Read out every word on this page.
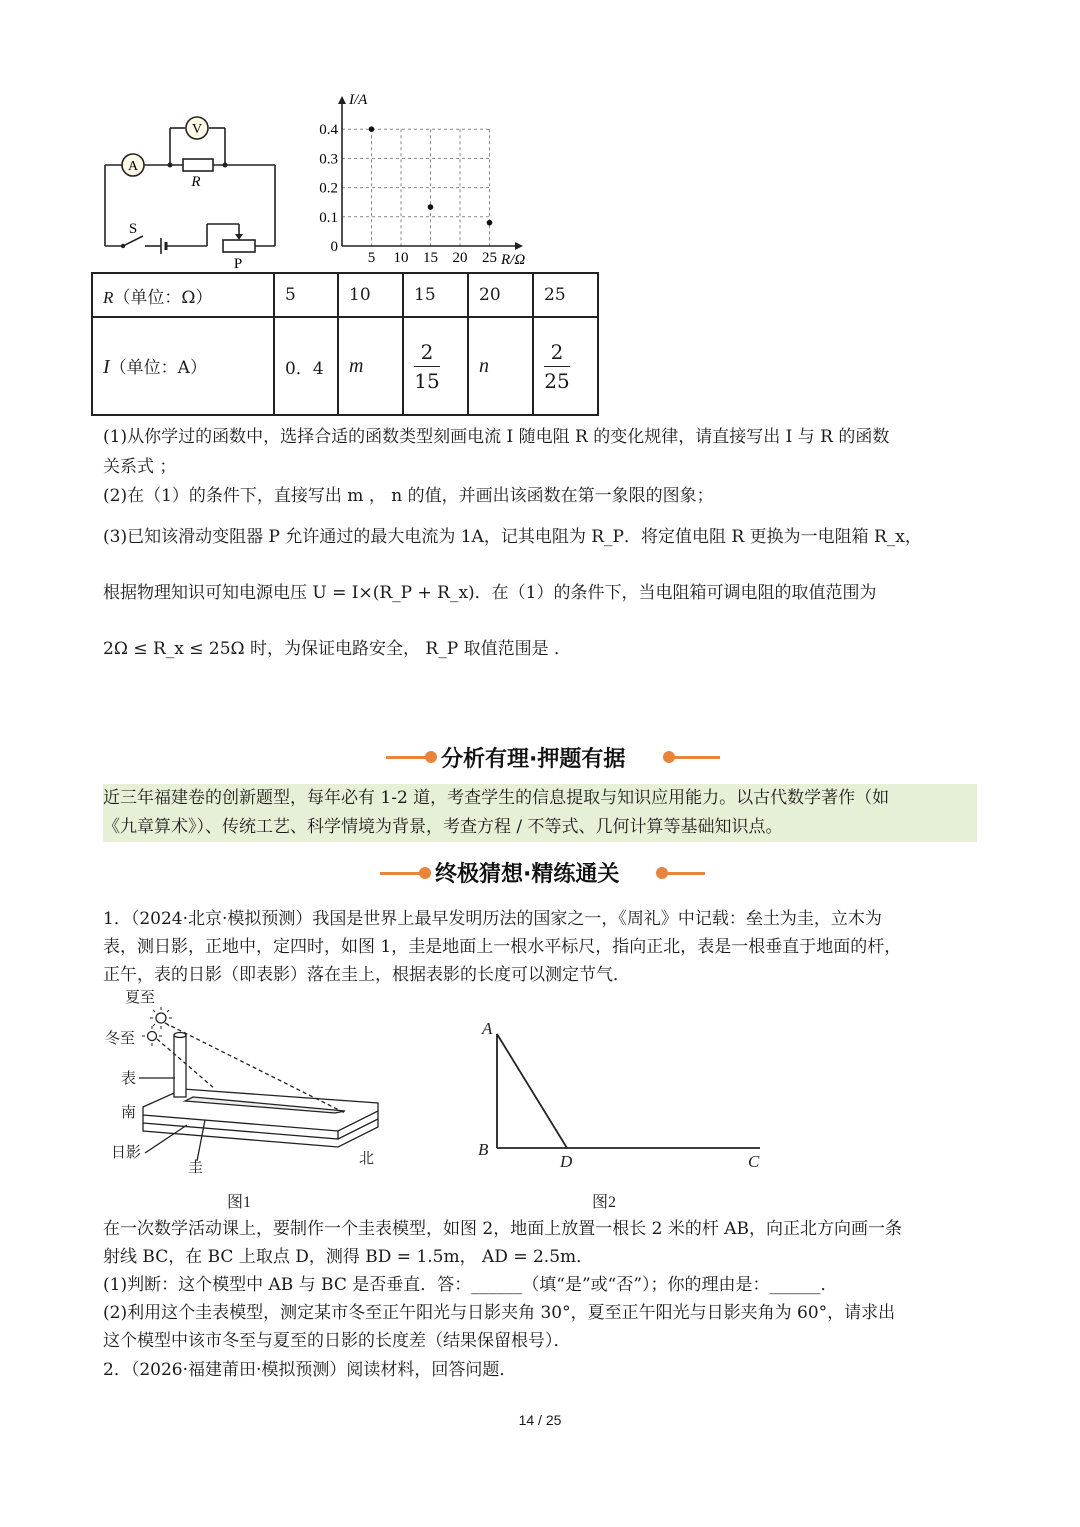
A
V
R
S
P
I/A
R/Ω
0.4
0.3
0.2
0.1
0
5 10 15 20 25
R（单位：Ω）	5	10	15	20	25
I（单位：A）	0．4	m	$\frac{2}{15}$	n	$\frac{2}{25}$
(1)从你学过的函数中，选择合适的函数类型刻画电流 I 随电阻 R 的变化规律，请直接写出 I 与 R 的函数
关系式 ；
(2)在（1）的条件下，直接写出 m ， n 的值，并画出该函数在第一象限的图象；
(3)已知该滑动变阻器 P 允许通过的最大电流为 1A，记其电阻为 R_P．将定值电阻 R 更换为一电阻箱 R_x，
根据物理知识可知电源电压 U = I×(R_P + R_x)．在（1）的条件下，当电阻箱可调电阻的取值范围为
2Ω ≤ R_x ≤ 25Ω 时，为保证电路安全， R_P 取值范围是 ．
分析有理·押题有据
近三年福建卷的创新题型，每年必有 1-2 道，考查学生的信息提取与知识应用能力。以古代数学著作（如
《九章算术》）、传统工艺、科学情境为背景，考查方程 / 不等式、几何计算等基础知识点。
终极猜想·精练通关
1．（2024·北京·模拟预测）我国是世界上最早发明历法的国家之一，《周礼》中记载：垒土为圭，立木为
表，测日影，正地中，定四时，如图 1，圭是地面上一根水平标尺，指向正北，表是一根垂直于地面的杆，
正午，表的日影（即表影）落在圭上，根据表影的长度可以测定节气．
夏至
冬至
表
南
日影
圭	北
图1
A
B
D	C
图2
在一次数学活动课上，要制作一个圭表模型，如图 2，地面上放置一根长 2 米的杆 AB，向正北方向画一条
射线 BC，在 BC 上取点 D，测得 BD = 1.5m， AD = 2.5m．
(1)判断：这个模型中 AB 与 BC 是否垂直．答：______（填“是”或“否”）；你的理由是：______．
(2)利用这个圭表模型，测定某市冬至正午阳光与日影夹角 30°，夏至正午阳光与日影夹角为 60°，请求出
这个模型中该市冬至与夏至的日影的长度差（结果保留根号）．
2．（2026·福建莆田·模拟预测）阅读材料，回答问题．
14 / 25
